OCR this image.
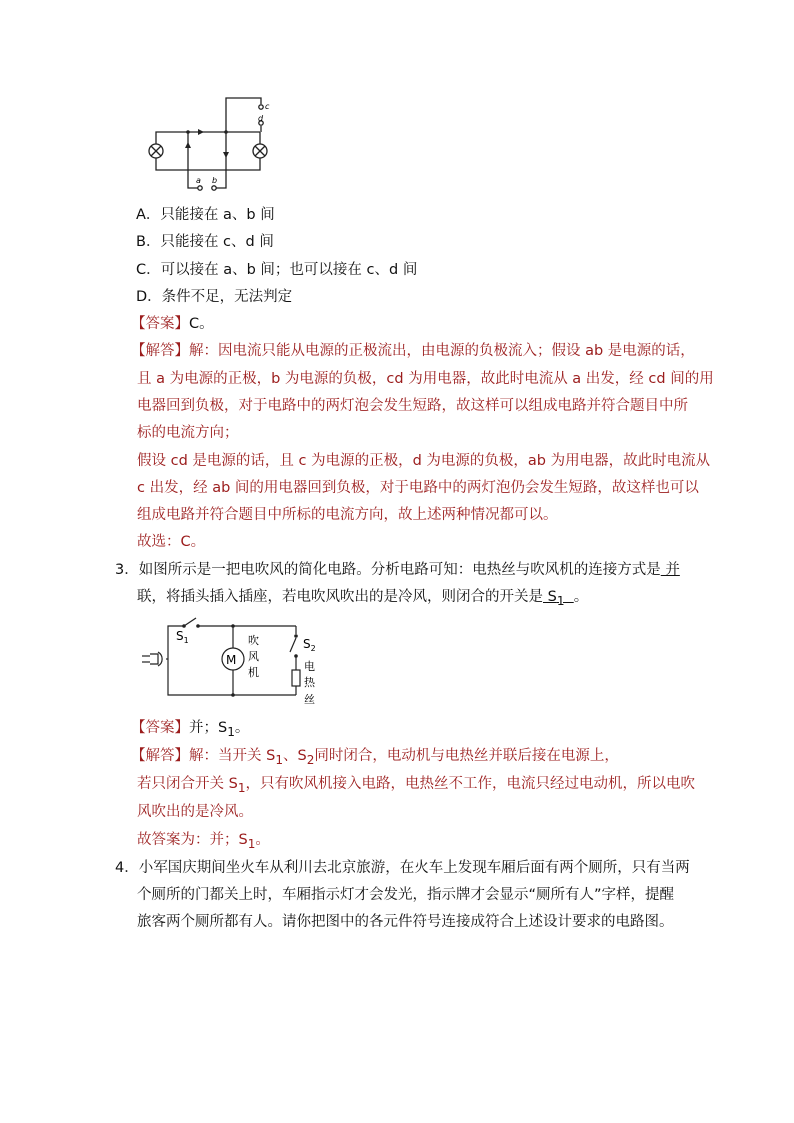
c
d
a b
A．只能接在 a、b 间
B．只能接在 c、d 间
C．可以接在 a、b 间；也可以接在 c、d 间
D．条件不足，无法判定
【答案】C。
【解答】解：因电流只能从电源的正极流出，由电源的负极流入；假设 ab 是电源的话，
且 a 为电源的正极，b 为电源的负极，cd 为用电器，故此时电流从 a 出发，经 cd 间的用
电器回到负极，对于电路中的两灯泡会发生短路，故这样可以组成电路并符合题目中所
标的电流方向；
假设 cd 是电源的话，且 c 为电源的正极，d 为电源的负极，ab 为用电器，故此时电流从
c 出发，经 ab 间的用电器回到负极，对于电路中的两灯泡仍会发生短路，故这样也可以
组成电路并符合题目中所标的电流方向，故上述两种情况都可以。
故选：C。
3．如图所示是一把电吹风的简化电路。分析电路可知：电热丝与吹风机的连接方式是 并
联，将插头插入插座，若电吹风吹出的是冷风，则闭合的开关是 $S_1$ 。
M
$S_1$	$S_2$
吹
风
机	电
热
丝
【答案】并；$S_1$。
【解答】解：当开关 $S_1$、$S_2$同时闭合，电动机与电热丝并联后接在电源上，
若只闭合开关 $S_1$，只有吹风机接入电路，电热丝不工作，电流只经过电动机，所以电吹
风吹出的是冷风。
故答案为：并；$S_1$。
4．小军国庆期间坐火车从利川去北京旅游，在火车上发现车厢后面有两个厕所，只有当两
个厕所的门都关上时，车厢指示灯才会发光，指示牌才会显示“厕所有人”字样，提醒
旅客两个厕所都有人。请你把图中的各元件符号连接成符合上述设计要求的电路图。
